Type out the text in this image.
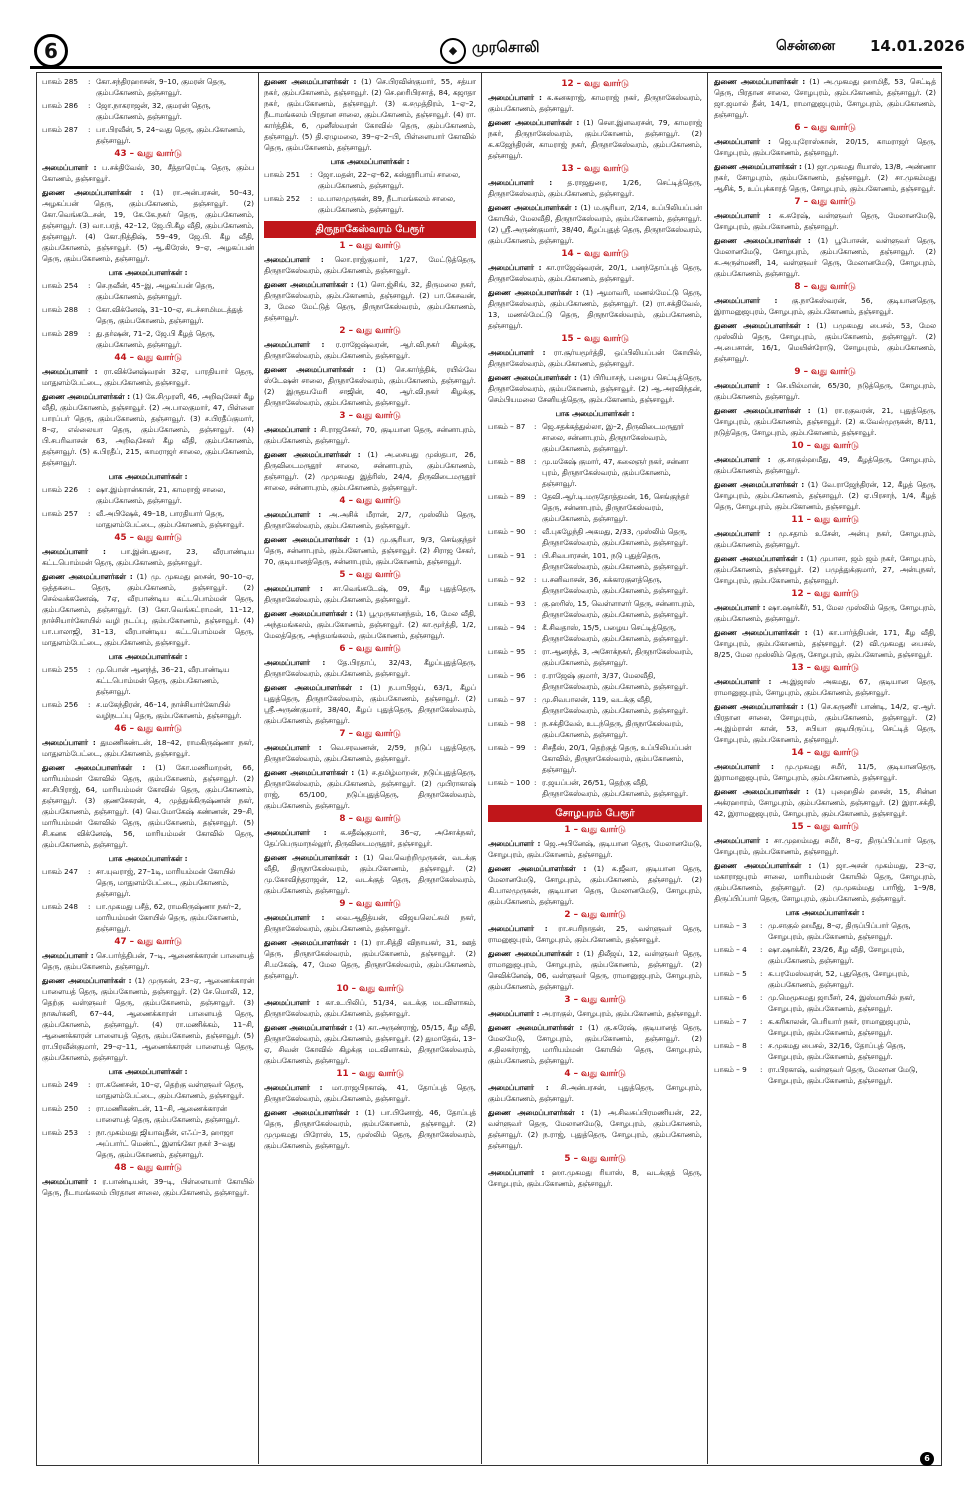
6	◆ முரசொலி	சென்னை 14.01.2026
பாகம் 285	: கோ.சந்திரஹாசன், 9–10, குமரன் தெரு, கும்பகோணம், தஞ்சாவூர்.
பாகம் 286	: ஜோ.நாகராஜன், 32, குமரன் தெரு, கும்பகோணம், தஞ்சாவூர்.
பாகம் 287	: பா.பிரவீன், 5, 24–வது தெரு, கும்பகோணம், தஞ்சாவூர்.
43 – வது வார்டு
அமைப்பாளர் : ப.சக்திவேல், 30, சீத்தாரெட்டி தெரு, கும்ப கோணம், தஞ்சாவூர்.
துணை அமைப்பாளர்கள் : (1) ரா.அன்பரசன், 50–43, அழகப்பன் தெரு, கும்பகோணம், தஞ்சாவூர். (2) கோ.வெங்கடேசன், 19, கே.கே.நகர் தெரு, கும்பகோணம், தஞ்சாவூர். (3) வா.பரத், 42–12, ஜே.பி.கீழ வீதி, கும்பகோணம், தஞ்சாவூர். (4) கோ.நித்திஷ், 59–49, ஜே.பி. கீழ வீதி, கும்பகோணம், தஞ்சாவூர். (5) ஆ.கிரேஸ், 9–ஏ, அழகப்பன் தெரு, கும்பகோணம், தஞ்சாவூர்.
பாக அமைப்பாளர்கள் :
பாகம் 254	: செ.நவீன், 45–இ, அழகப்பன் தெரு, கும்பகோணம், தஞ்சாவூர்.
பாகம் 288	: கோ.விக்னேஷ், 31–10–ஏ, சடச்சாமிமடத்துத் தெரு, கும்பகோணம், தஞ்சாவூர்.
பாகம் 289	: து.தர்ஷன், 71–2, ஜே.பி கீழத் தெரு, கும்பகோணம், தஞ்சாவூர்.
44 – வது வார்டு
அமைப்பாளர் : ரா.விக்னேஷ்வரன் 32ஏ, பாரதியார் தெரு, மாதுளம்பேட்டை, கும்பகோணம், தஞ்சாவூர்.
துணை அமைப்பாளர்கள் : (1) கே.சிமுரளி, 46, அறிவுசேகர் கீழ வீதி, கும்பகோணம், தஞ்சாவூர். (2) அ.பாலகுமார், 47, பிள்ளை பாரப்பர் தெரு, கும்பகோணம், தஞ்சாவூர். (3) ச.பிரதீப்குமார், 8–ஏ, எல்லையா தெரு, கும்பகோணம், தஞ்சாவூர். (4) பி.சபரிவாசன் 63, அறிவுசேகர் கீழ வீதி, கும்பகோணம், தஞ்சாவூர். (5) க.பிரதீப், 215, காமராஜர் சாலை, கும்பகோணம், தஞ்சாவூர்.
பாக அமைப்பாளர்கள் :
பாகம் 226	: ஷா.இம்ரான்கான், 21, காமராஜ் சாலை, கும்பகோணம், தஞ்சாவூர்.
பாகம் 257	: வீ.அபிஷேக், 49–18, பாரதியார் தெரு, மாதுளம்பேட்டை, கும்பகோணம், தஞ்சாவூர்.
45 – வது வார்டு
அமைப்பாளர் : பா.இன்பதுரை, 23, வீரபாண்டிய கட்டபொம்மன் தெரு, கும்பகோணம், தஞ்சாவூர்.
துணை அமைப்பாளர்கள் : (1) மு. முகமது ஹசன், 90–10–ஏ, ஒத்தகடை தெரு, கும்பகோணம், தஞ்சாவூர். (2) செல்வக்கணேஷ், 7ஏ, வீரபாண்டிய கட்டபொம்மன் தெரு, கும்பகோணம், தஞ்சாவூர். (3) கோ.வெங்கட்ராமன், 11–12, நாச்சியார்கோயில் வழி நடப்பு, கும்பகோணம், தஞ்சாவூர். (4) பா.பாலாஜி, 31–13, வீரபாண்டிய கட்டபொம்மன் தெரு, மாதுளம்பேட்டை, கும்பகோணம், தஞ்சாவூர்.
பாக அமைப்பாளர்கள் :
பாகம் 255	: மு.பொன் ஆனந்த், 36–21, வீரபாண்டிய கட்டபொம்மன் தெரு, கும்பகோணம், தஞ்சாவூர்.
பாகம் 256	: ச.மகேந்திரன், 46–14, நாச்சியார்கோயில் வழிநடப்பு தெரு, கும்பகோணம், தஞ்சாவூர்.
46 – வது வார்டு
அமைப்பாளர் : துமணிகண்டன், 18–42, ராமகிருஷ்ணா நகர், மாதுளம்பேட்டை, கும்பகோணம், தஞ்சாவூர்.
துணை அமைப்பாளர்கள் : (1) கோ.மணிமாறன், 66, மாரியம்மன் கோவில் தெரு, கும்பகோணம், தஞ்சாவூர். (2) சா.சிபிராஜ், 64, மாரியம்மன் கோவில் தெரு, கும்பகோணம், தஞ்சாவூர். (3) குணசேகரன், 4, முத்துக்கிருஷ்ணன் நகர், கும்பகோணம், தஞ்சாவூர். (4) வெ.மோகேஷ் கண்ணன், 29–சி, மாரியம்மன் கோவில் தெரு, கும்பகோணம், தஞ்சாவூர். (5) சி.கனக விக்னேஷ், 56, மாரியம்மன் கோவில் தெரு, கும்பகோணம், தஞ்சாவூர்.
பாக அமைப்பாளர்கள் :
பாகம் 247	: சா.யுவராஜ், 27–1டி, மாரியம்மன் கோயில் தெரு, மாதுளம்பேட்டை, கும்பகோணம், தஞ்சாவூர்.
பாகம் 248	: பா.முகமது பசீத், 62, ராமகிருஷ்ணா நகர்–2, மாரியம்மன் கோயில் தெரு, கும்பகோணம், தஞ்சாவூர்.
47 – வது வார்டு
அமைப்பாளர் : செ.பார்த்திபன், 7–டி, ஆணைக்காரன் பாளையத் தெரு, கும்பகோணம், தஞ்சாவூர்.
துணை அமைப்பாளர்கள் : (1) முருகன், 23–ஏ, ஆணைக்காரன் பாளையத் தெரு, கும்பகோணம், தஞ்சாவூர். (2) சே.மொலி, 12, தெற்கு வள்ளுவர் தெரு, கும்பகோணம், தஞ்சாவூர். (3) நாகூர்கனி, 67–44, ஆணைக்காரன் பாளையத் தெரு, கும்பகோணம், தஞ்சாவூர். (4) ரா.மணிக்கம், 11–சி, ஆணைக்காரன் பாளையத் தெரு, கும்பகோணம், தஞ்சாவூர். (5) ரா.பிரவீன்குமார், 29–ஏ–11, ஆணைக்காரன் பாளையத் தெரு, கும்பகோணம், தஞ்சாவூர்.
பாக அமைப்பாளர்கள் :
பாகம் 249	: ரா.கணேசன், 10–ஏ, தெற்கு வள்ளுவர் தெரு, மாதுளம்பேட்டை, கும்பகோணம், தஞ்சாவூர்.
பாகம் 250	: ரா.மணிகண்டன், 11–சி, ஆணைக்காரன் பாளையத் தெரு, கும்பகோணம், தஞ்சாவூர்.
பாகம் 253	: நா.முகம்மது ஜியாவுதீன், எஃப்–3, ஹாஜா அப்பார்ட் மெண்ட், இளங்கோ நகர் 3–வது தெரு, கும்பகோணம், தஞ்சாவூர்.
48 – வது வார்டு
அமைப்பாளர் : ர.பாண்டியன், 39–டி, பிள்ளையார் கோயில் தெரு, நீடாமங்கலம் பிரதான சாலை, கும்பகோணம், தஞ்சாவூர்.
துணை அமைப்பாளர்கள் : (1) செ.பிரவின்குமார், 55, சத்யா நகர், கும்பகோணம், தஞ்சாவூர். (2) செ.ஹரிபிரசாத், 84, கஜாதா நகர், கும்பகோணம், தஞ்சாவூர். (3) க.சமுத்திரம், 1–ஏ–2, நீடாமங்கலம் பிரதான சாலை, கும்பகோணம், தஞ்சாவூர். (4) ரா. கார்த்திக், 6, முனீஸ்வரன் கோவில் தெரு, கும்பகோணம், தஞ்சாவூர். (5) தி.ஏழுமலை, 39–ஏ–2–பி, பிள்ளையார் கோவில் தெரு, கும்பகோணம், தஞ்சாவூர்.
பாக அமைப்பாளர்கள் :
பாகம் 251	: ஜோ.மதன், 22–ஏ–62, கஸ்தூரிபாய் சாலை, கும்பகோணம், தஞ்சாவூர்.
பாகம் 252	: ம.பாலமுருகன், 89, நீடாமங்கலம் சாலை, கும்பகோணம், தஞ்சாவூர்.
திருநாகேஸ்வரம் பேரூர்
1 – வது வார்டு
அமைப்பாளர் : லொ.ராஜ்குமார், 1/27, மேட்டுத்தெரு, திருநாகேஸ்வரம், கும்பகோணம், தஞ்சாவூர்.
துணை அமைப்பாளர்கள் : (1) சொ.ஜ்சிங், 32, திருமலை நகர், திருநாகேஸ்வரம், கும்பகோணம், தஞ்சாவூர். (2) பா.கேசவன், 3, மேல மேட்டுத் தெரு, திருநாகேஸ்வரம், கும்பகோணம், தஞ்சாவூர்.
2 – வது வார்டு
அமைப்பாளர் : ர.ராஜேஷ்வரன், ஆர்.வி.நகர் கிழக்கு, திருநாகேஸ்வரம், கும்பகோணம், தஞ்சாவூர்.
துணை அமைப்பாளர்கள் : (1) செ.கார்த்திக், ரயில்வே ஸ்டேஷன் சாலை, திருநாகேஸ்வரம், கும்பகோணம், தஞ்சாவூர். (2) இருதயமேரி சாஜின், 40, ஆர்.வி.நகர் கிழக்கு, திருநாகேஸ்வரம், கும்பகோணம், தஞ்சாவூர்.
3 – வது வார்டு
அமைப்பாளர் : சி.ராஜசேகர், 70, குடியான தெரு, சன்னாபுரம், கும்பகோணம், தஞ்சாவூர்.
துணை அமைப்பாளர்கள் : (1) அ.சையது முஸ்தபா, 26, திருவிடைமருதூர் சாலை, சன்னாபுரம், கும்பகோணம், தஞ்சாவூர். (2) முமுகமது இத்ரிஸ், 24/4, திருவிடைமருதூர் சாலை, சன்னாபுரம், கும்பகோணம், தஞ்சாவூர்.
4 – வது வார்டு
அமைப்பாளர் : அ.அசிக் மீரான், 2/7, முஸ்லிம் தெரு, திருநாகேஸ்வரம், கும்பகோணம், தஞ்சாவூர்.
துணை அமைப்பாளர்கள் : (1) மு.சூரியா, 9/3, செங்குந்தர் தெரு, சன்னாபுரம், கும்பகோணம், தஞ்சாவூர். (2) சிராஜ சேகர், 70, குடியானத்தெரு, சன்னாபுரம், கும்பகோணம், தஞ்சாவூர்.
5 – வது வார்டு
அமைப்பாளர் : சா.வெங்கடேஷ், 09, கீழ புதுத்தெரு, திருநாகேஸ்வரம், கும்பகோணம், தஞ்சாவூர்.
துணை அமைப்பாளர்கள் : (1) பூமுருகானந்தம், 16, மேல வீதி, அந்தமங்கலம், கும்பகோணம், தஞ்சாவூர். (2) கா.மூர்த்தி, 1/2, மேலத்தெரு, அந்தமங்கலம், கும்பகோணம், தஞ்சாவூர்.
6 – வது வார்டு
அமைப்பாளர் : தே.பிரதாப், 32/43, கீழப்புதுத்தெரு, திருநாகேஸ்வரம், கும்பகோணம், தஞ்சாவூர்.
துணை அமைப்பாளர்கள் : (1) ந.பாபிஜய், 63/1, கீழப் புதுத்தெரு, திருநாகேஸ்வரம், கும்பகோணம், தஞ்சாவூர். (2) ஸ்ரீ.அருண்குமார், 38/40, கீழப் புதுத்தெரு, திருநாகேஸ்வரம், கும்பகோணம், தஞ்சாவூர்.
7 – வது வார்டு
அமைப்பாளர் : வெ.சரவணன், 2/59, நடுப் புதுத்தெரு, திருநாகேஸ்வரம், கும்பகோணம், தஞ்சாவூர்.
துணை அமைப்பாளர்கள் : (1) ச.தமிழ்மாறன், நடுப்புதுத்தெரு, திருநாகேஸ்வரம், கும்பகோணம், தஞ்சாவூர். (2) முபிராகாஷ் ராஜ், 65/100, நடுப்புதுத்தெரு, திருநாகேஸ்வரம், கும்பகோணம், தஞ்சாவூர்.
8 – வது வார்டு
அமைப்பாளர் : க.சதீஷ்குமார், 36–ஏ, அசோக்நகர், தேப்பெருமாநல்லூர், திருவிடைமருதூர், தஞ்சாவூர்.
துணை அமைப்பாளர்கள் : (1) வெ.வெற்றிமுருகன், வடக்கு வீதி, திருநாகேஸ்வரம், கும்பகோணம், தஞ்சாவூர். (2) மு.கோவிந்தராஜன், 12, வடக்குத் தெரு, திருநாகேஸ்வரம், கும்பகோணம், தஞ்சாவூர்.
9 – வது வார்டு
அமைப்பாளர் : வை.ஆதித்யன், விஜயலெட்சுமி நகர், திருநாகேஸ்வரம், கும்பகோணம், தஞ்சாவூர்.
துணை அமைப்பாளர்கள் : (1) ரா.சித்தி விநாயகர், 31, ஊத் தெரு, திருநாகேஸ்வரம், கும்பகோணம், தஞ்சாவூர். (2) சி.மகேஷ், 47, மேல தெரு, திருநாகேஸ்வரம், கும்பகோணம், தஞ்சாவூர்.
10 – வது வார்டு
அமைப்பாளர் : கா.உ.பிலிப், 51/34, வடக்கு மடவிளாகம், திருநாகேஸ்வரம், கும்பகோணம், தஞ்சாவூர்.
துணை அமைப்பாளர்கள் : (1) கா.அருண்ராஜ், 05/15, கீழ வீதி, திருநாகேஸ்வரம், கும்பகோணம், தஞ்சாவூர். (2) துமாதேவ், 13–ஏ, சிவன் கோவில் கிழக்கு மடவிளாகம், திருநாகேஸ்வரம், கும்பகோணம், தஞ்சாவூர்.
11 – வது வார்டு
அமைப்பாளர் : மா.ராஜபிரகாஷ், 41, தோப்புத் தெரு, திருநாகேஸ்வரம், கும்பகோணம், தஞ்சாவூர்.
துணை அமைப்பாளர்கள் : (1) பா.பினோஜ், 46, தோப்புத் தெரு, திருநாகேஸ்வரம், கும்பகோணம், தஞ்சாவூர். (2) முமுகமது பிரோஸ், 15, முஸ்லிம் தெரு, திருநாகேஸ்வரம், கும்பகோணம், தஞ்சாவூர்.
12 – வது வார்டு
அமைப்பாளர் : க.கனகராஜ், காமராஜ் நகர், திருநாகேஸ்வரம், கும்பகோணம், தஞ்சாவூர்.
துணை அமைப்பாளர்கள் : (1) செள.இளவரசன், 79, காமராஜ் நகர், திருநாகேஸ்வரம், கும்பகோணம், தஞ்சாவூர். (2) க.கஜேந்திரன், காமராஜ் நகர், திருநாகேஸ்வரம், கும்பகோணம், தஞ்சாவூர்.
13 – வது வார்டு
அமைப்பாளர் : த.ராஜதுரை, 1/26, செட்டித்தெரு, திருநாகேஸ்வரம், கும்பகோணம், தஞ்சாவூர்.
துணை அமைப்பாளர்கள் : (1) ம.சூரியா, 2/14, உப்பிலியப்பன் கோயில், மேலவீதி, திருநாகேஸ்வரம், கும்பகோணம், தஞ்சாவூர். (2) ஸ்ரீ.அருண்குமார், 38/40, கீழப்புதுத் தெரு, திருநாகேஸ்வரம், கும்பகோணம், தஞ்சாவூர்.
14 – வது வார்டு
அமைப்பாளர் : கா.ராஜேஷ்வரன், 20/1, பனந்தோப்புத் தெரு, திருநாகேஸ்வரம், கும்பகோணம், தஞ்சாவூர்.
துணை அமைப்பாளர்கள் : (1) ஆமாவரி, மணல்மேட்டு தெரு, திருநாகேஸ்வரம், கும்பகோணம், தஞ்சாவூர். (2) ரா.சக்திவேல், 13, மணல்மேட்டு தெரு, திருநாகேஸ்வரம், கும்பகோணம், தஞ்சாவூர்.
15 – வது வார்டு
அமைப்பாளர் : ரா.சூர்யமூர்த்தி, ஒப்பிலியப்பன் கோயில், திருநாகேஸ்வரம், கும்பகோணம், தஞ்சாவூர்.
துணை அமைப்பாளர்கள் : (1) பிரியாசந், பழைய செட்டித்தெரு, திருநாகேஸ்வரம், கும்பகோணம், தஞ்சாவூர். (2) ஆ.அரவிந்தன், செம்பியமலை சேனியத்தெரு, கும்பகோணம், தஞ்சாவூர்.
பாக அமைப்பாளர்கள் :
பாகம் – 87	: ஜெ.சதக்கத்துல்லா, இ–2, திருவிடைமருதூர் சாலை, சன்னாபுரம், திருநாகேஸ்வரம், கும்பகோணம், தஞ்சாவூர்.
பாகம் – 88	: மு.மகேஷ் குமார், 47, கலைஞர் நகர், சன்னா புரம், திருநாகேஸ்வரம், கும்பகோணம், தஞ்சாவூர்.
பாகம் – 89	: தேவி.ஆர்.டி.மருதோத்தமன், 16, செங்குந்தர் தெரு, சன்னாபுரம், திருநாகேஸ்வரம், கும்பகோணம், தஞ்சாவூர்.
பாகம் – 90	: வீ.புகழேந்தி அகமது, 2/33, முஸ்லிம் தெரு, திருநாகேஸ்வரம், கும்பகோணம், தஞ்சாவூர்.
பாகம் – 91	: பி.சிவபாரசன், 101, நடு புதுத்தெரு, திருநாகேஸ்வரம், கும்பகோணம், தஞ்சாவூர்.
பாகம் – 92	: ப.சனிவாசன், 36, கக்காரகுளத்தெரு, திருநாகேஸ்வரம், கும்பகோணம், தஞ்சாவூர்.
பாகம் – 93	: கு.ஹரிஸ், 15, வெள்ளாளர் தெரு, சன்னாபுரம், திருநாகேஸ்வரம், கும்பகோணம், தஞ்சாவூர்.
பாகம் – 94	: கீ.சிவதாஸ், 15/5, பழைய செட்டித்தெரு, திருநாகேஸ்வரம், கும்பகோணம், தஞ்சாவூர்.
பாகம் – 95	: ரா.ஆனந்த், 3, அசோக்நகர், திருநாகேஸ்வரம், கும்பகோணம், தஞ்சாவூர்.
பாகம் – 96	: ர.ராஜேஷ் குமார், 3/37, மேலவீதி, திருநாகேஸ்வரம், கும்பகோணம், தஞ்சாவூர்.
பாகம் – 97	: மு.சிவபாலன், 119, வடக்கு வீதி, திருநாகேஸ்வரம், கும்பகோணம், தஞ்சாவூர்.
பாகம் – 98	: ந.சக்திவேல், உடந்தெரு, திருநாகேஸ்வரம், கும்பகோணம், தஞ்சாவூர்.
பாகம் – 99	: சிசதீஸ், 20/1, தெற்குத் தெரு, உப்பிலியப்பன் கோவில், திருநாகேஸ்வரம், கும்பகோணம், தஞ்சாவூர்.
பாகம் – 100 : ர.ஜயப்பன், 26/51, தெற்கு வீதி, திருநாகேஸ்வரம், கும்பகோணம், தஞ்சாவூர்.
சோழபுரம் பேரூர்
1 – வது வார்டு
அமைப்பாளர் : ஜெ.அபினேஷ், குடியான தெரு, மேலானமேடு, சோழபுரம், கும்பகோணம், தஞ்சாவூர்.
துணை அமைப்பாளர்கள் : (1) க.ஜீவா, குடியான தெரு, மேலானமேடு, சோழபுரம், கும்பகோணம், தஞ்சாவூர். (2) கி.பாலமுருகன், குடியான தெரு, மேலானமேடு, சோழபுரம், கும்பகோணம், தஞ்சாவூர்.
2 – வது வார்டு
அமைப்பாளர் : ரா.சபரிநாதன், 25, வள்ளுவர் தெரு, ராமனுஜபுரம், சோழபுரம், கும்பகோணம், தஞ்சாவூர்.
துணை அமைப்பாளர்கள் : (1) திலீஜய், 12, வள்ளுவர் தெரு, ராமானுஜபுரம், சோழபுரம், கும்பகோணம், தஞ்சாவூர். (2) செவிக்னேஷ், 06, வள்ளுவர் தெரு, ராமானுஜபுரம், சோழபுரம், கும்பகோணம், தஞ்சாவூர்.
3 – வது வார்டு
அமைப்பாளர் : அ.ராகுல், சோழபுரம், கும்பகோணம், தஞ்சாவூர்.
துணை அமைப்பாளர்கள் : (1) கு.சுரேஷ், குடியானத் தெரு, மேலமேடு, சோழபுரம், கும்பகோணம், தஞ்சாவூர். (2) ச.திலகர்ராஜ், மாரியம்மன் கோயில் தெரு, சோழபுரம், கும்பகோணம், தஞ்சாவூர்.
4 – வது வார்டு
அமைப்பாளர் : சி.அன்பரசன், புதுத்தெரு, சோழபுரம், கும்பகோணம், தஞ்சாவூர்.
துணை அமைப்பாளர்கள் : (1) அ.சிவசுப்பிரமணியன், 22, வள்ளுவர் தெரு, மேலானமேடு, சோழபுரம், கும்பகோணம், தஞ்சாவூர். (2) ந.ராஜ், புதுத்தெரு, சோழபுரம், கும்பகோணம், தஞ்சாவூர்.
5 – வது வார்டு
அமைப்பாளர் : ஹா.முகமது ரியாஸ், 8, வடக்குத் தெரு, சோழபுரம், கும்பகோணம், தஞ்சாவூர்.
துணை அமைப்பாளர்கள் : (1) அ.முகமது ஹாமிதீ, 53, செட்டித் தெரு, பிரதான சாலை, சோழபுரம், கும்பகோணம், தஞ்சாவூர். (2) ஜா.ஜமால் தீன், 14/1, ராமானுஜபுரம், சோழபுரம், கும்பகோணம், தஞ்சாவூர்.
6 – வது வார்டு
அமைப்பாளர் : ஜெ.யுரோஸ்கான், 20/15, காமராஜர் தெரு, சோழபுரம், கும்பகோணம், தஞ்சாவூர்.
துணை அமைப்பாளர்கள் : (1) ஜா.முகமது ரியாஸ், 13/8, அண்ணா நகர், சோழபுரம், கும்பகோணம், தஞ்சாவூர். (2) சா.முகம்மது ஆசிக், 5, உப்புக்காரத் தெரு, சோழபுரம், கும்பகோணம், தஞ்சாவூர்.
7 – வது வார்டு
அமைப்பாளர் : க.சுரேஷ், வள்ளுவர் தெரு, மேலானமேடு, சோழபுரம், கும்பகோணம், தஞ்சாவூர்.
துணை அமைப்பாளர்கள் : (1) பூபோசன், வள்ளுவர் தெரு, மேலானமேடு, சோழபுரம், கும்பகோணம், தஞ்சாவூர். (2) சு.அருள்மணி, 14, வள்ளுவர் தெரு, மேலானமேடு, சோழபுரம், கும்பகோணம், தஞ்சாவூர்.
8 – வது வார்டு
அமைப்பாளர் : கு.நாகேஸ்வரன், 56, குடியானதெரு, இராமனுஜபுரம், சோழபுரம், கும்பகோணம், தஞ்சாவூர்.
துணை அமைப்பாளர்கள் : (1) பமுகமது பைசல், 53, மேல முஸ்லிம் தெரு, சோழபுரம், கும்பகோணம், தஞ்சாவூர். (2) அ.பைசான், 16/1, மெயின்ரோடு, சோழபுரம், கும்பகோணம், தஞ்சாவூர்.
9 – வது வார்டு
அமைப்பாளர் : செ.யில்மான், 65/30, நடுத்தெரு, சோழபுரம், கும்பகோணம், தஞ்சாவூர்.
துணை அமைப்பாளர்கள் : (1) ரா.ரகுவரன், 21, புதுத்தெரு, சோழபுரம், கும்பகோணம், தஞ்சாவூர். (2) க.வேல்முருகன், 8/11, நடுத்தெரு, சோழபுரம், கும்பகோணம், தஞ்சாவூர்.
10 – வது வார்டு
அமைப்பாளர் : கு.சாகுல்ஹமீது, 49, கீழத்தெரு, சோழபுரம், கும்பகோணம், தஞ்சாவூர்.
துணை அமைப்பாளர்கள் : (1) வே.ராஜேந்திரன், 12, கீழத் தெரு, சோழபுரம், கும்பகோணம், தஞ்சாவூர். (2) ஏ.பிரசாந், 1/4, கீழத் தெரு, சோழபுரம், கும்பகோணம், தஞ்சாவூர்.
11 – வது வார்டு
அமைப்பாளர் : மு.சதாம் உசேன், அன்பு நகர், சோழபுரம், கும்பகோணம், தஞ்சாவூர்.
துணை அமைப்பாளர்கள் : (1) முபாசா, ஜம் ஜம் நகர், சோழபுரம், கும்பகோணம், தஞ்சாவூர். (2) பமுத்துக்குமார், 27, அன்புநகர், சோழபுரம், கும்பகோணம், தஞ்சாவூர்.
12 – வது வார்டு
அமைப்பாளர் : ஷா.ஷாக்கீர், 51, மேல முஸ்லிம் தெரு, சோழபுரம், கும்பகோணம், தஞ்சாவூர்.
துணை அமைப்பாளர்கள் : (1) கா.பார்த்திபன், 171, கீழ வீதி, சோழபுரம், கும்பகோணம், தஞ்சாவூர். (2) வி.முகமது பைசல், 8/25, மேல முஸ்லிம் தெரு, சோழபுரம், கும்பகோணம், தஞ்சாவூர்.
13 – வது வார்டு
அமைப்பாளர் : அ.இஜாஸ் அகமது, 67, குடியான தெரு, ராமானுஜபுரம், சோழபுரம், கும்பகோணம், தஞ்சாவூர்.
துணை அமைப்பாளர்கள் : (1) செ.கருணீர் பாண்டி, 14/2, ஏ.ஆர். பிரதான சாலை, சோழபுரம், கும்பகோணம், தஞ்சாவூர். (2) அ.இம்ரான் கான், 53, சபியா குடியிருப்பு, செட்டித் தெரு, சோழபுரம், கும்பகோணம், தஞ்சாவூர்.
14 – வது வார்டு
அமைப்பாளர் : மு.முகமது சமீர், 11/5, குடியானதெரு, இராமானுஜபுரம், சோழபுரம், கும்பகோணம், தஞ்சாவூர்.
துணை அமைப்பாளர்கள் : (1) புஹைதில் ஹசன், 15, சின்ன அக்ரஹாரம், சோழபுரம், கும்பகோணம், தஞ்சாவூர். (2) இரா.சக்தி, 42, இராமனுஜபுரம், சோழபுரம், கும்பகோணம், தஞ்சாவூர்.
15 – வது வார்டு
அமைப்பாளர் : சா.முஹம்மது சமீர், 8–ஏ, திருப்பிப்பார் தெரு, சோழபுரம், கும்பகோணம், தஞ்சாவூர்.
துணை அமைப்பாளர்கள் : (1) ஜா.அசன் முகம்மது, 23–ஏ, மகாராஜபுரம் சாலை, மாரியம்மன் கோயில் தெரு, சோழபுரம், கும்பகோணம், தஞ்சாவூர். (2) மு.முகம்மது பாரிஜ், 1–9/8, திருப்பிப்பார் தெரு, சோழபுரம், கும்பகோணம், தஞ்சாவூர்.
பாக அமைப்பாளர்கள் :
பாகம் – 3	: மு.சாகுல் ஹமீது, 8–ஏ, திருப்பிப்பார் தெரு, சோழபுரம், கும்பகோணம், தஞ்சாவூர்.
பாகம் – 4	: ஷா.ஷாக்கீர், 23/26, கீழ வீதி, சோழபுரம், கும்பகோணம், தஞ்சாவூர்.
பாகம் – 5	: க.பரமேஸ்வரன், 52, புதுதெரு, சோழபுரம், கும்பகோணம், தஞ்சாவூர்.
பாகம் – 6	: மு.மெமூசுமது ஜாபீசர், 24, இஸ்மாயில் நகர், சோழபுரம், கும்பகோணம், தஞ்சாவூர்.
பாகம் – 7	: க.கரிகாலன், பெரியார் நகர், ராமானுஜபுரம், சோழபுரம், கும்பகோணம், தஞ்சாவூர்.
பாகம் – 8	: ச.முகமது பைசல், 32/16, தோப்புத் தெரு, சோழபுரம், கும்பகோணம், தஞ்சாவூர்.
பாகம் – 9	: ரா.பிரகாஷ், வள்ளுவர் தெரு, மேலான மேடு, சோழபுரம், கும்பகோணம், தஞ்சாவூர்.
6
